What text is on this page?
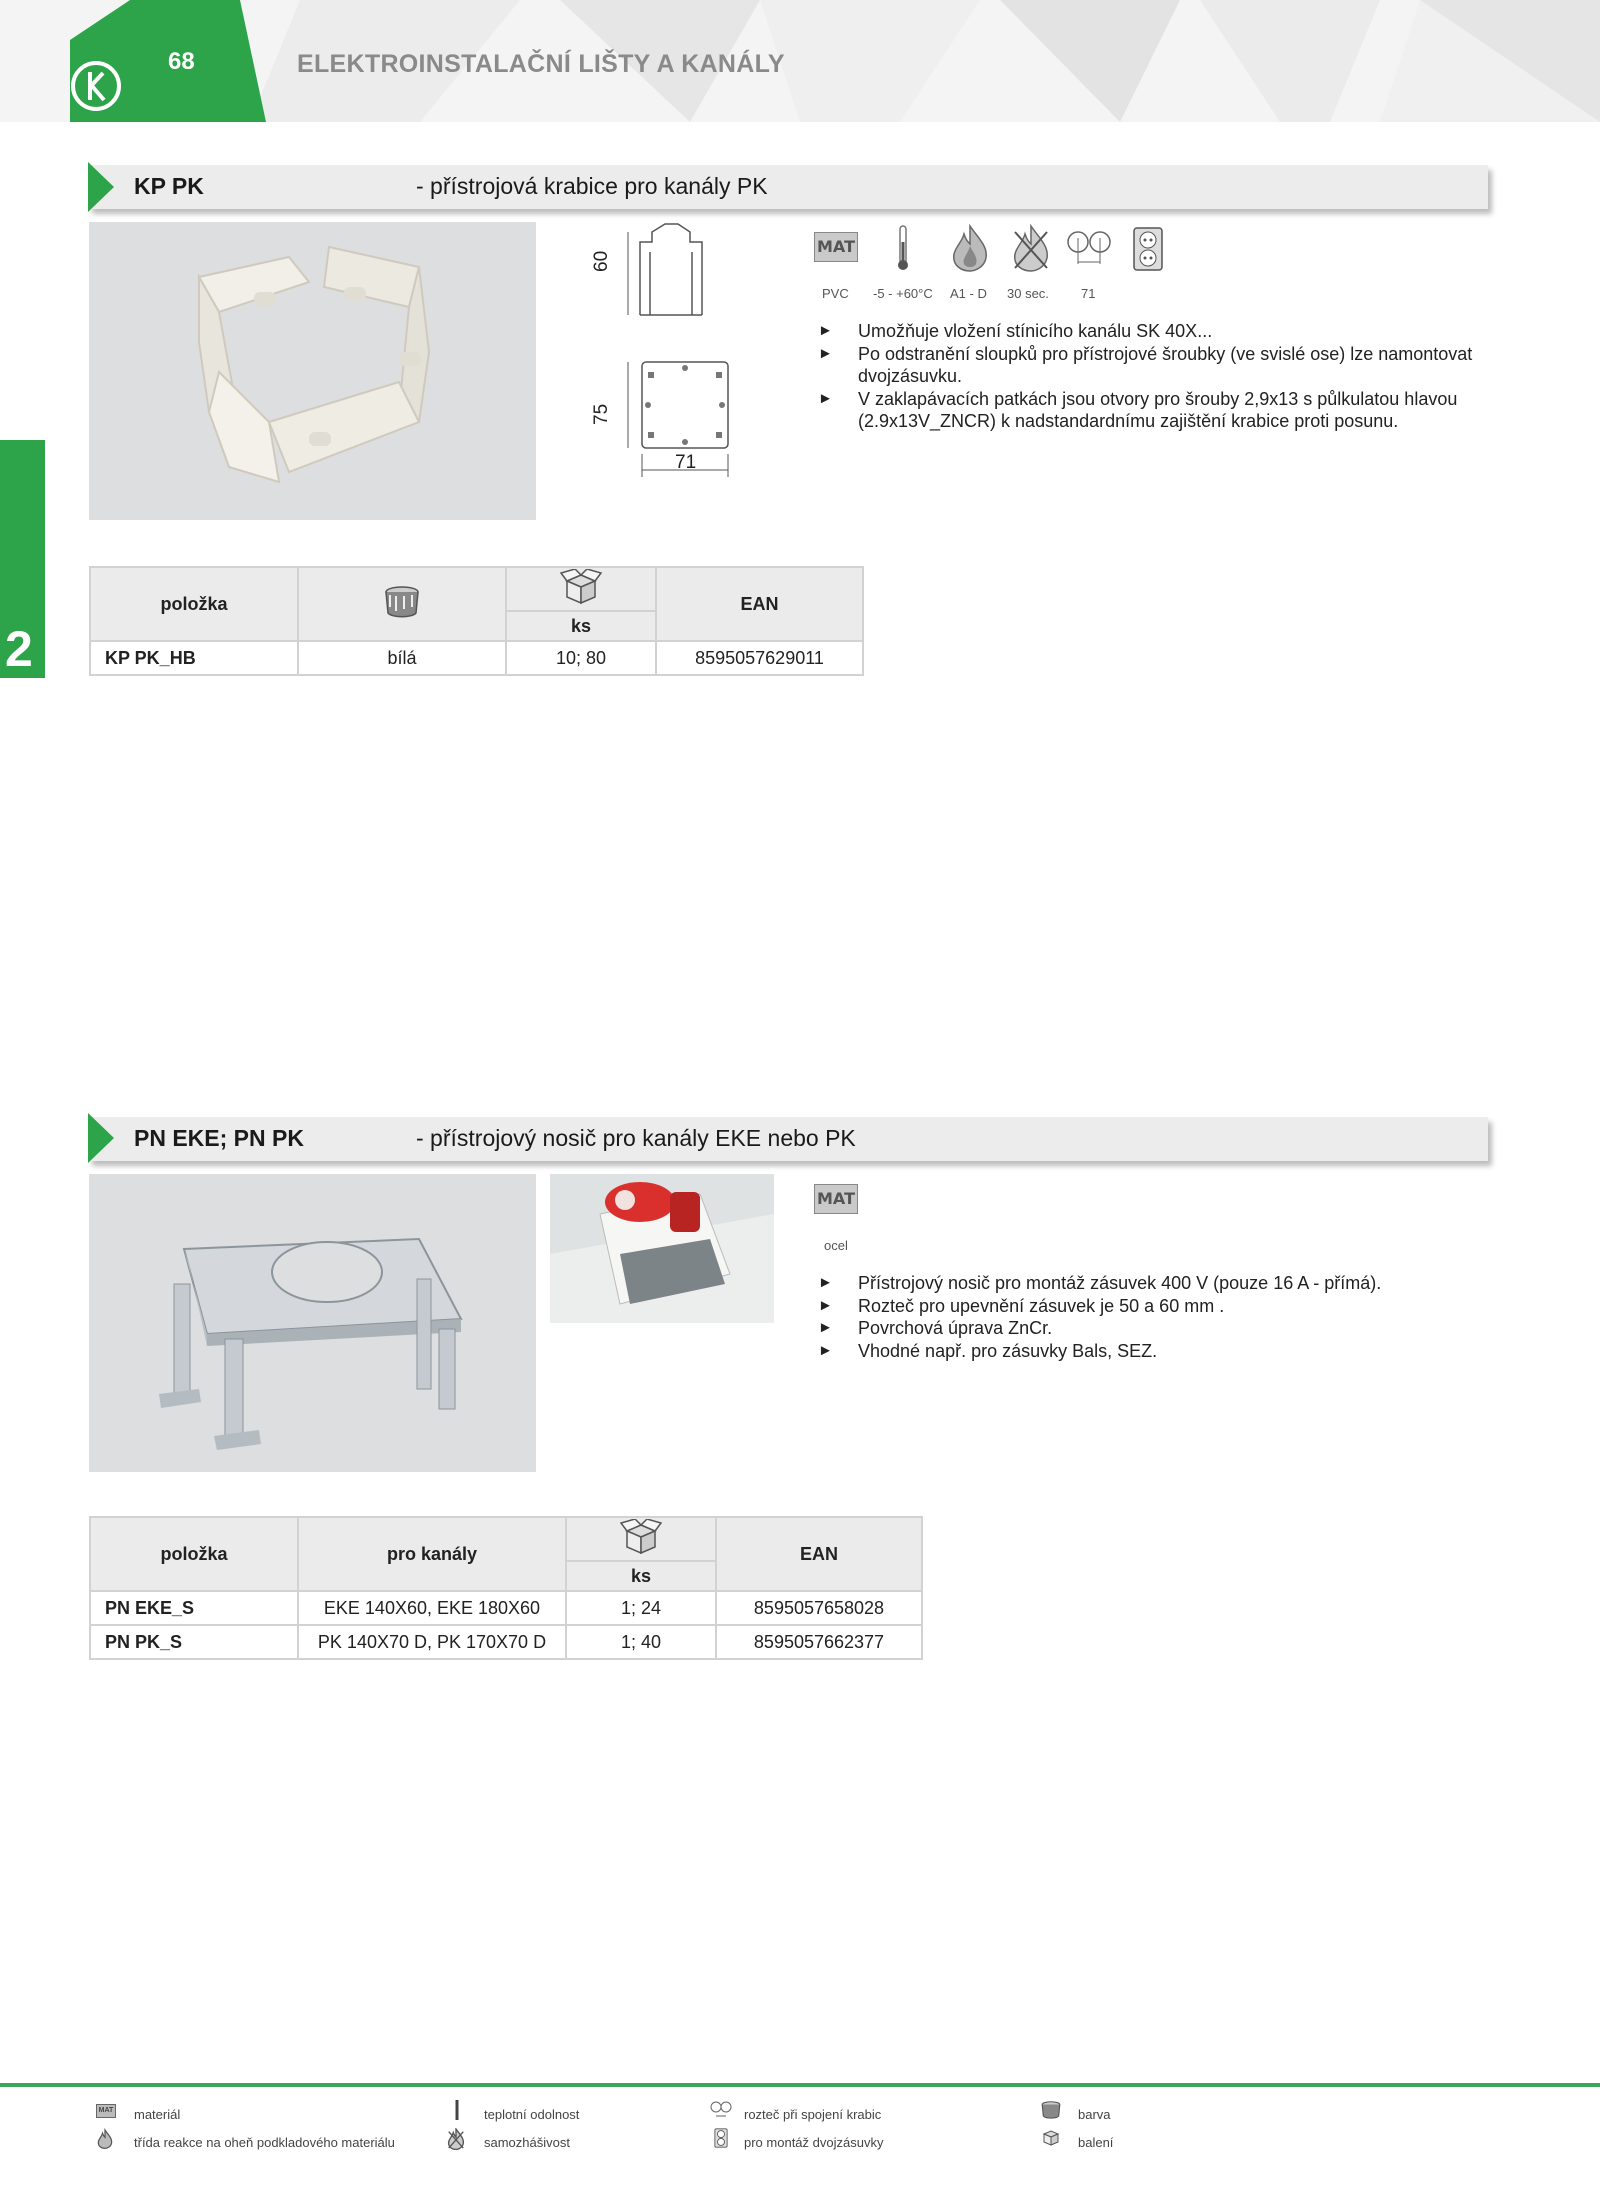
68	ELEKTROINSTALAČNÍ LIŠTY A KANÁLY
2
KP PK	- přístrojová krabice pro kanály PK
60
75
71
MAT
PVC -5 - +60°C A1 - D 30 sec. 71
►	Umožňuje vložení stínicího kanálu SK 40X...
►	Po odstranění sloupků pro přístrojové šroubky (ve svislé ose) lze namontovat dvojzásuvku.
►	V zaklapávacích patkách jsou otvory pro šrouby 2,9x13 s půlkulatou hlavou (2.9x13V_ZNCR) k nadstandardnímu zajištění krabice proti posunu.
položka			EAN
		ks	
KP PK_HB	bílá	10; 80	8595057629011
PN EKE; PN PK	- přístrojový nosič pro kanály EKE nebo PK
MAT
ocel
►	Přístrojový nosič pro montáž zásuvek 400 V (pouze 16 A - přímá).
►	Rozteč pro upevnění zásuvek je 50 a 60 mm .
►	Povrchová úprava ZnCr.
►	Vhodné např. pro zásuvky Bals, SEZ.
položka	pro kanály		EAN
		ks	
PN EKE_S	EKE 140X60, EKE 180X60	1; 24	8595057658028
PN PK_S	PK 140X70 D, PK 170X70 D	1; 40	8595057662377
MAT materiál	teplotní odolnost	rozteč při spojení krabic	barva
třída reakce na oheň podkladového materiálu	samozhášivost	pro montáž dvojzásuvky	balení
